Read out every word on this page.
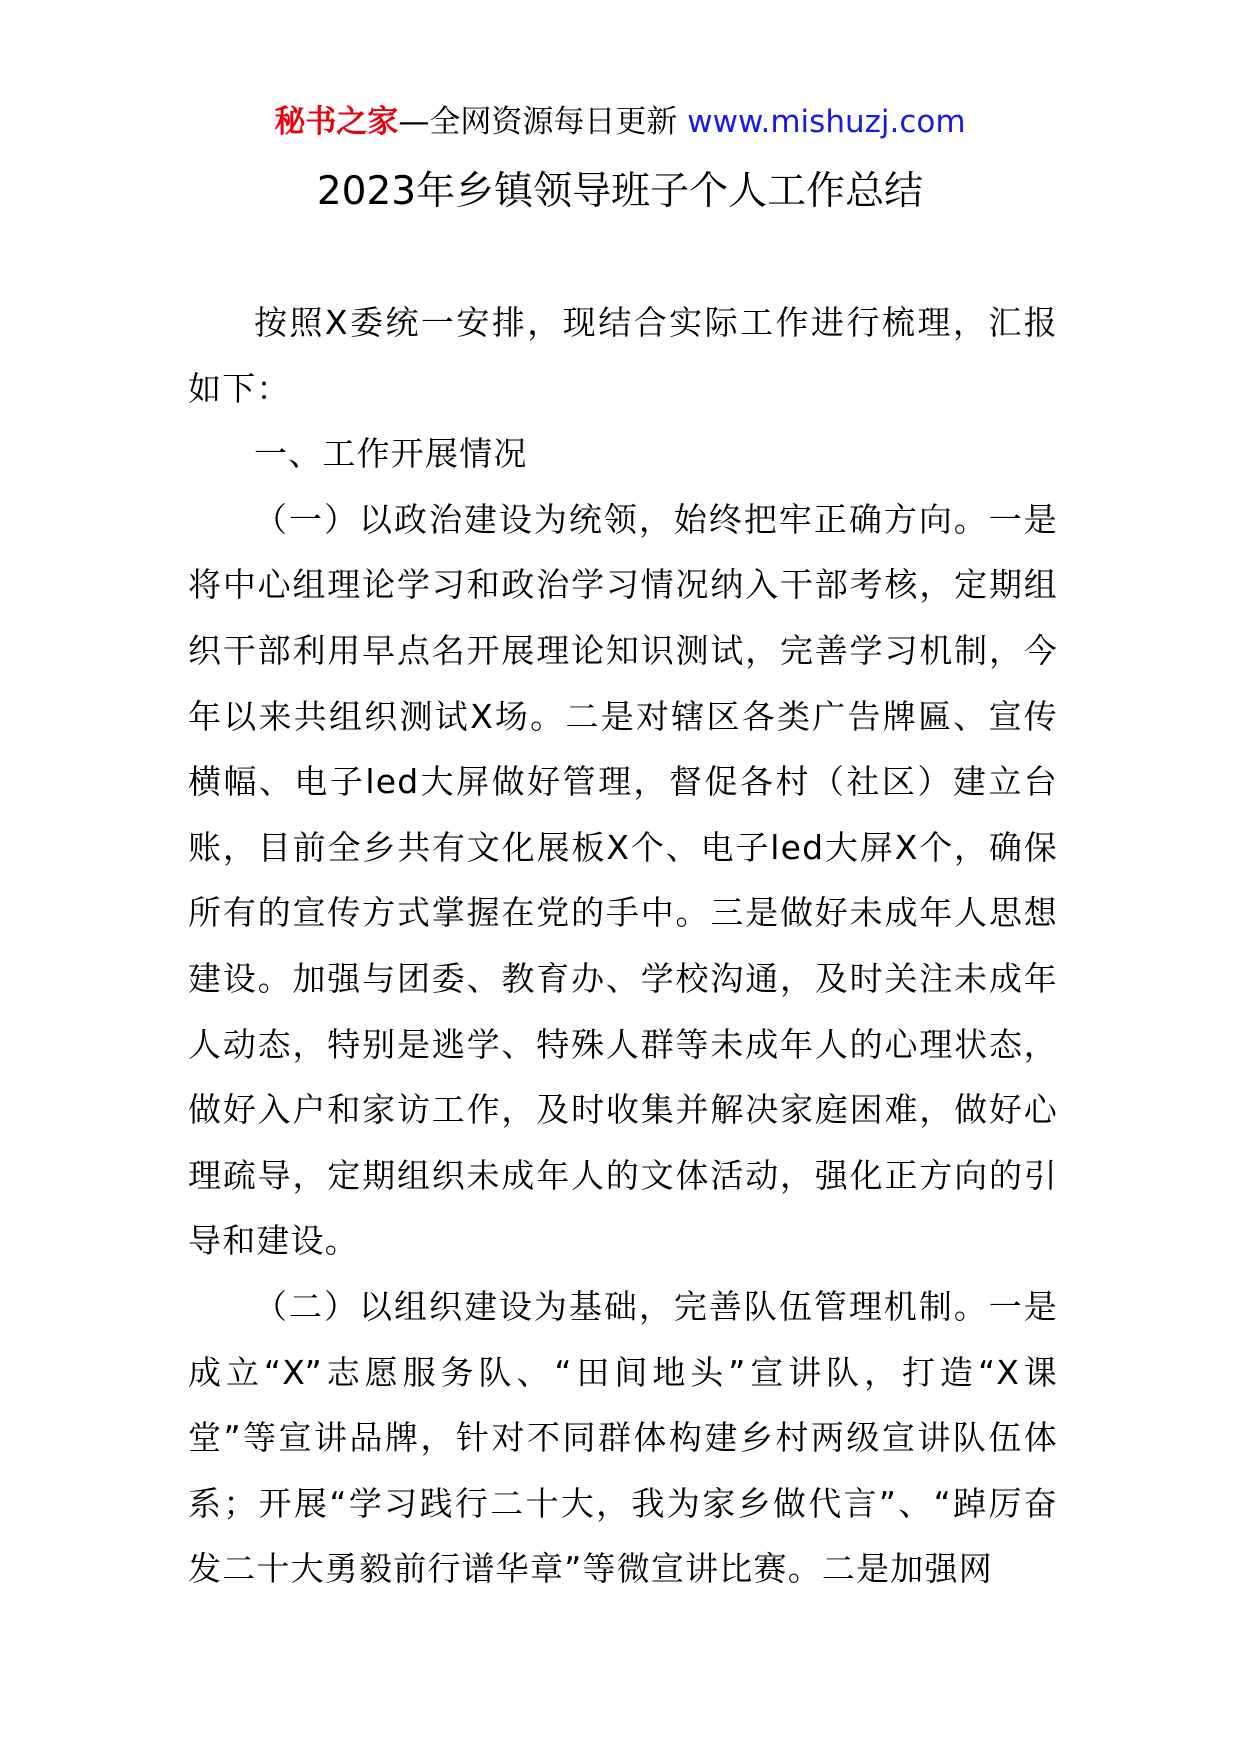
秘书之家—全网资源每日更新 www.mishuzj.com
2023年乡镇领导班子个人工作总结

按照X委统一安排，现结合实际工作进行梳理，汇报如下：

一、工作开展情况

（一）以政治建设为统领，始终把牢正确方向。一是将中心组理论学习和政治学习情况纳入干部考核，定期组织干部利用早点名开展理论知识测试，完善学习机制，今年以来共组织测试X场。二是对辖区各类广告牌匾、宣传横幅、电子led大屏做好管理，督促各村（社区）建立台账，目前全乡共有文化展板X个、电子led大屏X个，确保所有的宣传方式掌握在党的手中。三是做好未成年人思想建设。加强与团委、教育办、学校沟通，及时关注未成年人动态，特别是逃学、特殊人群等未成年人的心理状态，做好入户和家访工作，及时收集并解决家庭困难，做好心理疏导，定期组织未成年人的文体活动，强化正方向的引导和建设。

（二）以组织建设为基础，完善队伍管理机制。一是成立“X”志愿服务队、“田间地头”宣讲队，打造“X课堂”等宣讲品牌，针对不同群体构建乡村两级宣讲队伍体系；开展“学习践行二十大，我为家乡做代言”、“踔厉奋发二十大勇毅前行谱华章”等微宣讲比赛。二是加强网
